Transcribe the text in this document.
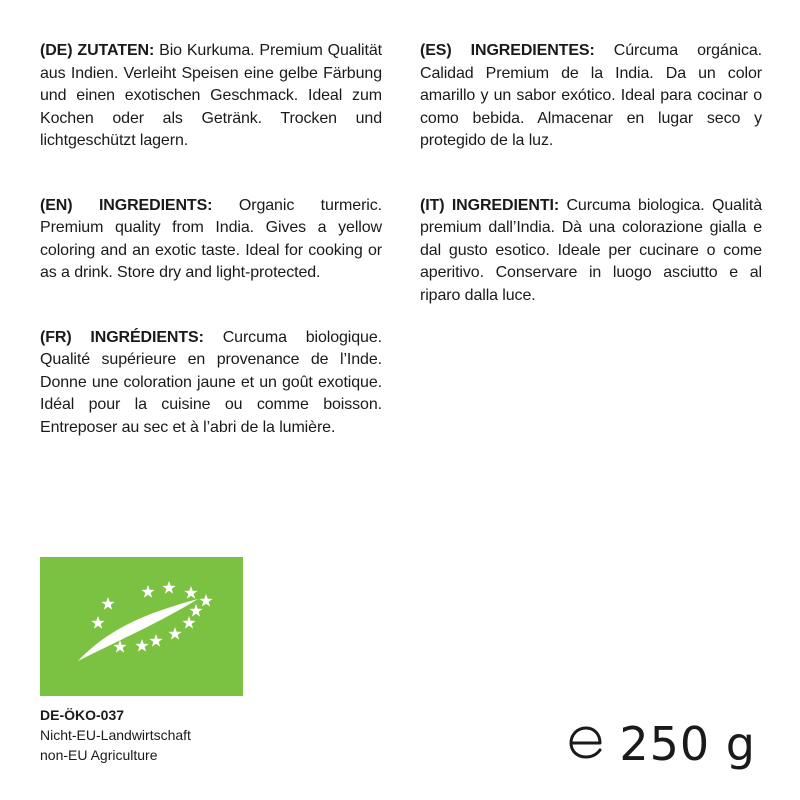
(DE) ZUTATEN: Bio Kurkuma. Premium Qualität aus Indien. Verleiht Speisen eine gelbe Färbung und einen exotischen Geschmack. Ideal zum Kochen oder als Getränk. Trocken und lichtgeschützt lagern.

(EN) INGREDIENTS: Organic turmeric. Premium quality from India. Gives a yellow coloring and an exotic taste. Ideal for cooking or as a drink. Store dry and light-protected.

(FR) INGRÉDIENTS: Curcuma biologique. Qualité supérieure en provenance de l’Inde. Donne une coloration jaune et un goût exotique. Idéal pour la cuisine ou comme boisson. Entreposer au sec et à l’abri de la lumière.

(ES) INGREDIENTES: Cúrcuma orgánica. Calidad Premium de la India. Da un color amarillo y un sabor exótico. Ideal para cocinar o como bebida. Almacenar en lugar seco y protegido de la luz.

(IT) INGREDIENTI: Curcuma biologica. Qualità premium dall’India. Dà una colorazione gialla e dal gusto esotico. Ideale per cucinare o come aperitivo. Conservare in luogo asciutto e al riparo dalla luce.

DE-ÖKO-037
Nicht-EU-Landwirtschaft
non-EU Agriculture	250 g
